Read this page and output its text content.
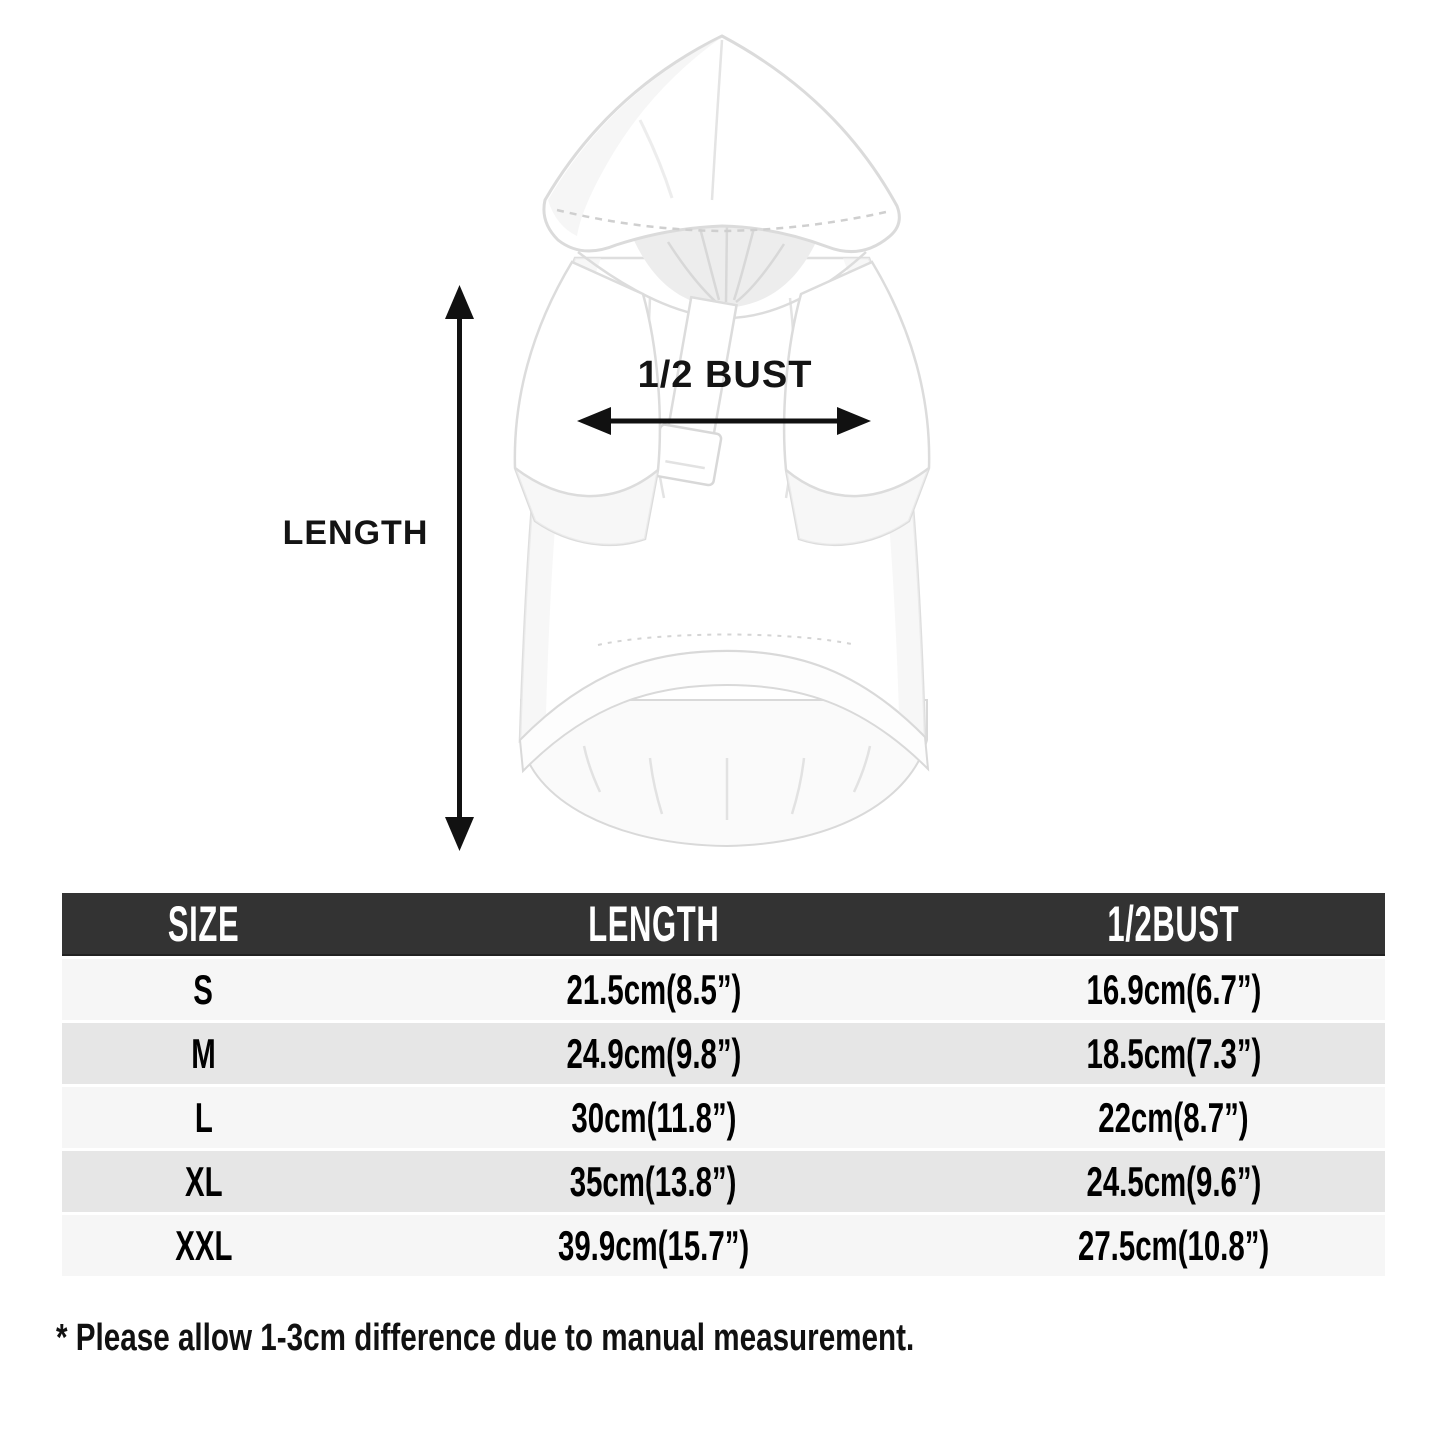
1/2 BUST
LENGTH
SIZE	LENGTH	1/2BUST
S	21.5cm(8.5”)	16.9cm(6.7”)
M	24.9cm(9.8”)	18.5cm(7.3”)
L	30cm(11.8”)	22cm(8.7”)
XL	35cm(13.8”)	24.5cm(9.6”)
XXL	39.9cm(15.7”)	27.5cm(10.8”)

* Please allow 1-3cm difference due to manual measurement.
